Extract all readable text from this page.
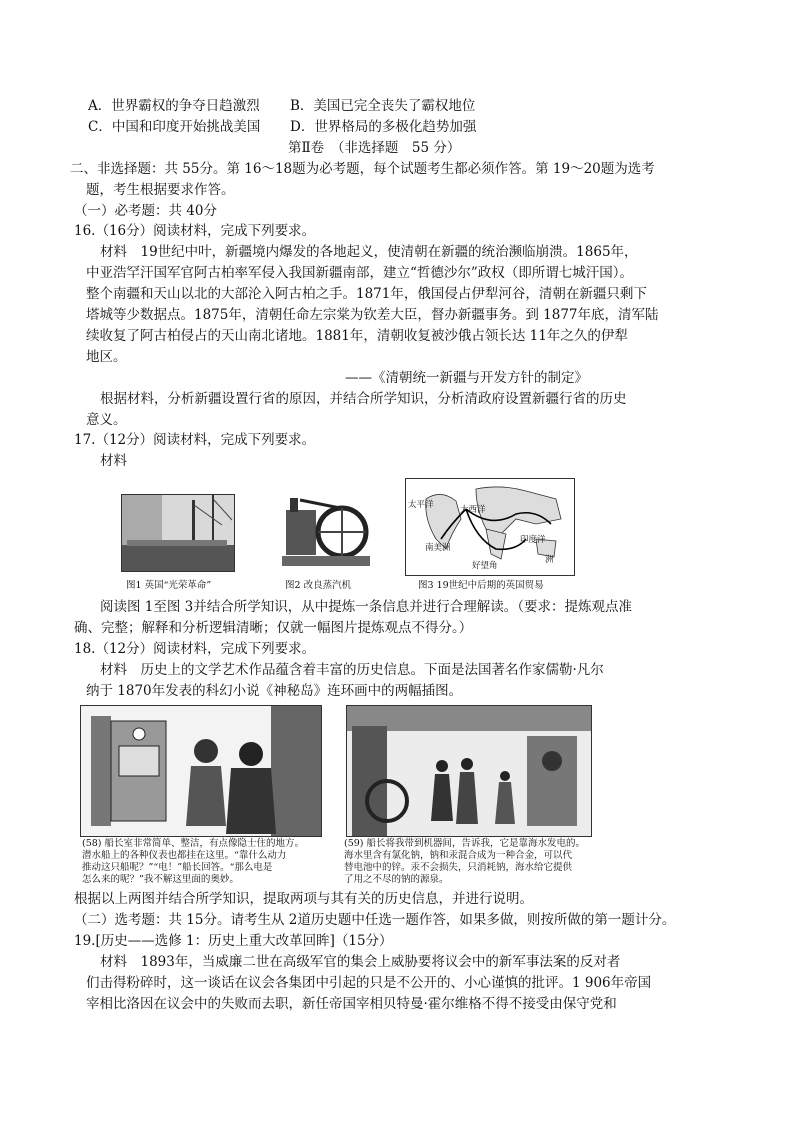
A．世界霸权的争夺日趋激烈 B．美国已完全丧失了霸权地位
C．中国和印度开始挑战美国 D．世界格局的多极化趋势加强
第Ⅱ卷　（非选择题　55 分）
二、非选择题：共 55分。第 16～18题为必考题，每个试题考生都必须作答。第 19～20题为选考
题，考生根据要求作答。
（一）必考题：共 40分
16.（16分）阅读材料，完成下列要求。
材料　19世纪中叶，新疆境内爆发的各地起义，使清朝在新疆的统治濒临崩溃。1865年，
中亚浩罕汗国军官阿古柏率军侵入我国新疆南部，建立“哲德沙尔”政权（即所谓七城汗国）。
整个南疆和天山以北的大部沦入阿古柏之手。1871年，俄国侵占伊犁河谷，清朝在新疆只剩下
塔城等少数据点。1875年，清朝任命左宗棠为钦差大臣，督办新疆事务。到 1877年底，清军陆
续收复了阿古柏侵占的天山南北诸地。1881年，清朝收复被沙俄占领长达 11年之久的伊犁
地区。
——《清朝统一新疆与开发方针的制定》
根据材料，分析新疆设置行省的原因，并结合所学知识，分析清政府设置新疆行省的历史
意义。
17.（12分）阅读材料，完成下列要求。
材料
太平洋	大西洋
印度洋
洲
南美洲
好望角
图1 英国“光荣革命”	图2 改良蒸汽机	图3 19世纪中后期的英国贸易
阅读图 1至图 3并结合所学知识，从中提炼一条信息并进行合理解读。（要求：提炼观点准
确、完整；解释和分析逻辑清晰；仅就一幅图片提炼观点不得分。）
18.（12分）阅读材料，完成下列要求。
材料　历史上的文学艺术作品蕴含着丰富的历史信息。下面是法国著名作家儒勒·凡尔
纳于 1870年发表的科幻小说《神秘岛》连环画中的两幅插图。
(58) 船长室非常简单、整洁，有点像隐士住的地方。
潜水船上的各种仪表也都挂在这里。“靠什么动力
推动这只船呢？”“电！”船长回答。“那么电是
怎么来的呢？”我不解这里面的奥妙。
(59) 船长将我带到机器间，告诉我，它是靠海水发电的。
海水里含有氯化钠，钠和汞混合成为一种合金，可以代
替电池中的锌。汞不会损失，只消耗钠，海水给它提供
了用之不尽的钠的源泉。
根据以上两图并结合所学知识，提取两项与其有关的历史信息，并进行说明。
（二）选考题：共 15分。请考生从 2道历史题中任选一题作答，如果多做，则按所做的第一题计分。
19.[历史——选修 1：历史上重大改革回眸]（15分）
材料　1893年，当威廉二世在高级军官的集会上威胁要将议会中的新军事法案的反对者
们击得粉碎时，这一谈话在议会各集团中引起的只是不公开的、小心谨慎的批评。1 906年帝国
宰相比洛因在议会中的失败而去职，新任帝国宰相贝特曼·霍尔维格不得不接受由保守党和
